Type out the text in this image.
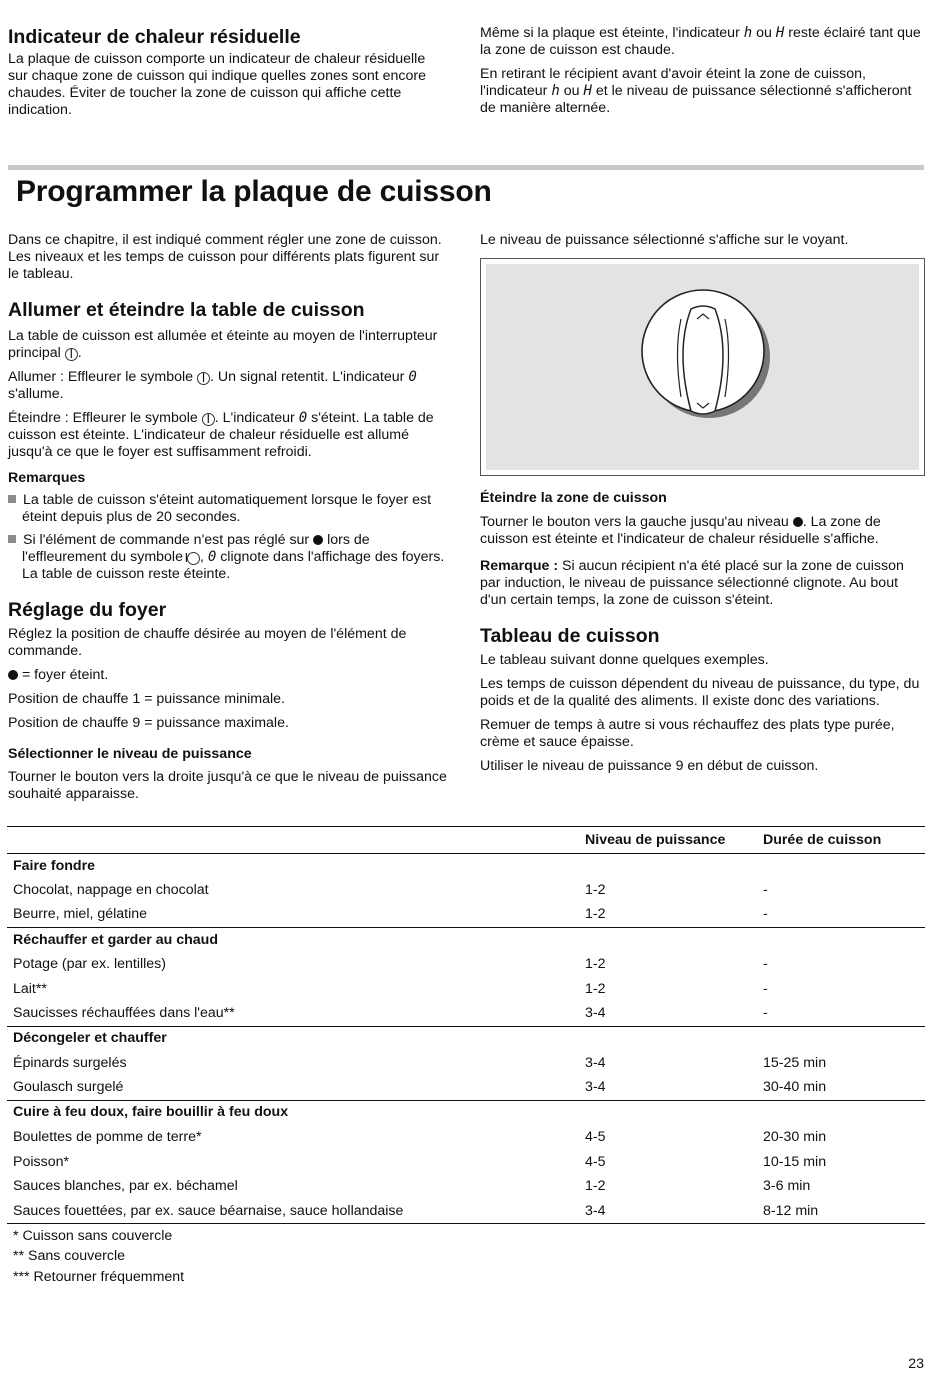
Indicateur de chaleur résiduelle

La plaque de cuisson comporte un indicateur de chaleur résiduelle sur chaque zone de cuisson qui indique quelles zones sont encore chaudes. Éviter de toucher la zone de cuisson qui affiche cette indication.

Même si la plaque est éteinte, l'indicateur h ou H reste éclairé tant que la zone de cuisson est chaude.

En retirant le récipient avant d'avoir éteint la zone de cuisson, l'indicateur h ou H et le niveau de puissance sélectionné s'afficheront de manière alternée.

Programmer la plaque de cuisson

Dans ce chapitre, il est indiqué comment régler une zone de cuisson. Les niveaux et les temps de cuisson pour différents plats figurent sur le tableau.

Allumer et éteindre la table de cuisson

La table de cuisson est allumée et éteinte au moyen de l'interrupteur principal I .

Allumer : Effleurer le symbole I . Un signal retentit. L'indicateur 0 s'allume.

Éteindre : Effleurer le symbole I . L'indicateur 0 s'éteint. La table de cuisson est éteinte. L'indicateur de chaleur résiduelle est allumé jusqu'à ce que le foyer est suffisamment refroidi.

Remarques
La table de cuisson s'éteint automatiquement lorsque le foyer est éteint depuis plus de 20 secondes.
Si l'élément de commande n'est pas réglé sur lors de l'effleurement du symbole I , 0 clignote dans l'affichage des foyers. La table de cuisson reste éteinte.
Réglage du foyer

Réglez la position de chauffe désirée au moyen de l'élément de commande.

= foyer éteint.

Position de chauffe 1 = puissance minimale.

Position de chauffe 9 = puissance maximale.

Sélectionner le niveau de puissance

Tourner le bouton vers la droite jusqu'à ce que le niveau de puissance souhaité apparaisse.

Le niveau de puissance sélectionné s'affiche sur le voyant.

Éteindre la zone de cuisson

Tourner le bouton vers la gauche jusqu'au niveau . La zone de cuisson est éteinte et l'indicateur de chaleur résiduelle s'affiche.

Remarque : Si aucun récipient n'a été placé sur la zone de cuisson par induction, le niveau de puissance sélectionné clignote. Au bout d'un certain temps, la zone de cuisson s'éteint.

Tableau de cuisson

Le tableau suivant donne quelques exemples.

Les temps de cuisson dépendent du niveau de puissance, du type, du poids et de la qualité des aliments. Il existe donc des variations.

Remuer de temps à autre si vous réchauffez des plats type purée, crème et sauce épaisse.

Utiliser le niveau de puissance 9 en début de cuisson.

	Niveau de puissance	Durée de cuisson
Faire fondre		
Chocolat, nappage en chocolat	1-2	-
Beurre, miel, gélatine	1-2	-
Réchauffer et garder au chaud		
Potage (par ex. lentilles)	1-2	-
Lait**	1-2	-
Saucisses réchauffées dans l'eau**	3-4	-
Décongeler et chauffer		
Épinards surgelés	3-4	15-25 min
Goulasch surgelé	3-4	30-40 min
Cuire à feu doux, faire bouillir à feu doux		
Boulettes de pomme de terre*	4-5	20-30 min
Poisson*	4-5	10-15 min
Sauces blanches, par ex. béchamel	1-2	3-6 min
Sauces fouettées, par ex. sauce béarnaise, sauce hollandaise	3-4	8-12 min
* Cuisson sans couvercle
** Sans couvercle
*** Retourner fréquemment
23
